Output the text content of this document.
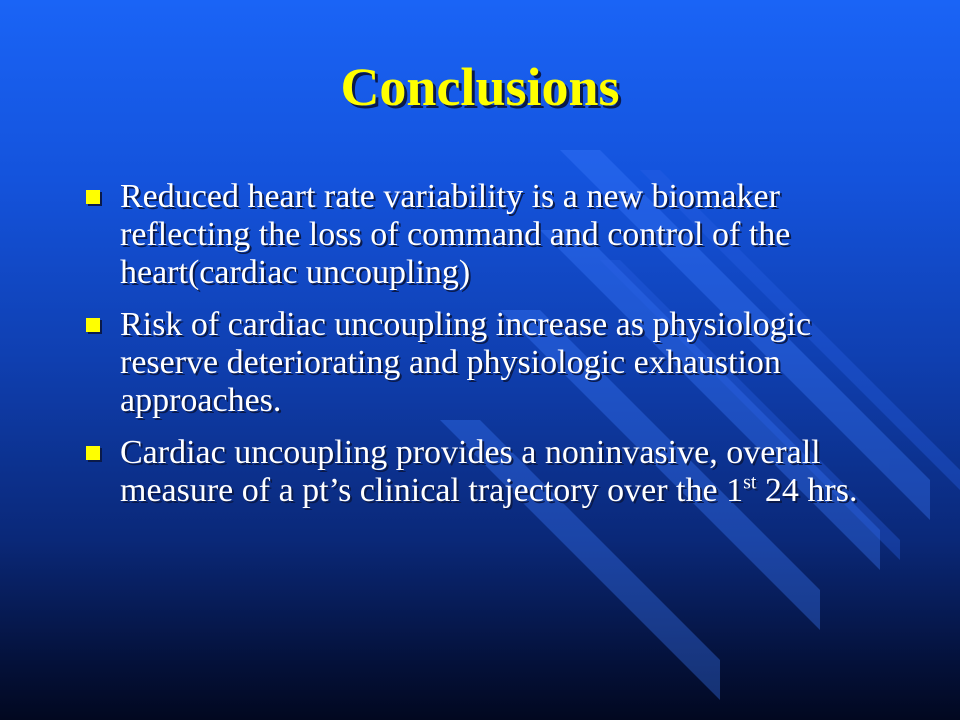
Conclusions
Reduced heart rate variability is a new biomaker reflecting the loss of command and control of the heart(cardiac uncoupling)
Risk of cardiac uncoupling increase as physiologic reserve deteriorating and physiologic exhaustion approaches.
Cardiac uncoupling provides a noninvasive, overall measure of a pt’s clinical trajectory over the 1st 24 hrs.
